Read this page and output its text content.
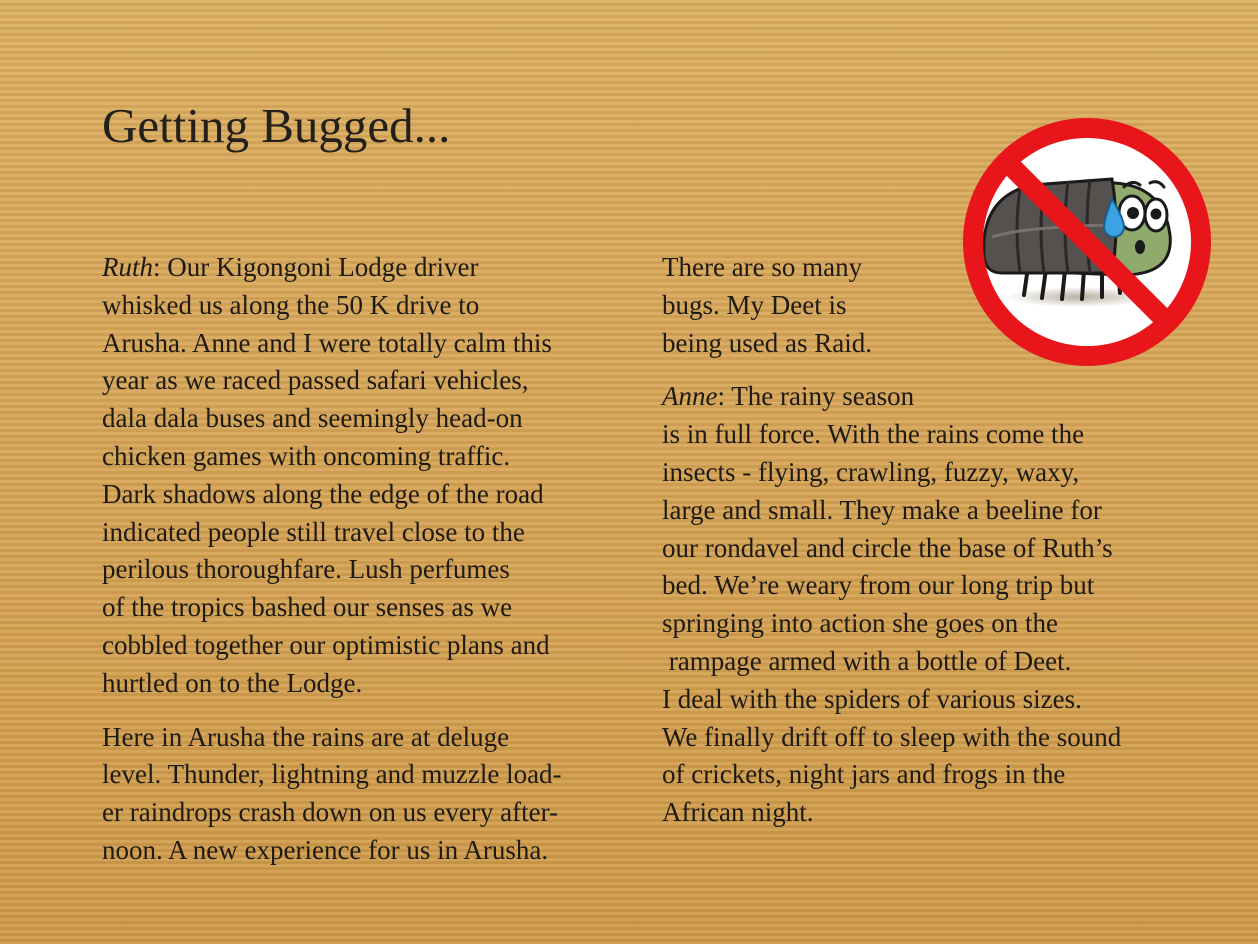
Getting Bugged...

Ruth: Our Kigongoni Lodge driver
whisked us along the 50 K drive to
Arusha. Anne and I were totally calm this
year as we raced passed safari vehicles,
dala dala buses and seemingly head-on
chicken games with oncoming traffic.
Dark shadows along the edge of the road
indicated people still travel close to the
perilous thoroughfare. Lush perfumes
of the tropics bashed our senses as we
cobbled together our optimistic plans and
hurtled on to the Lodge.

Here in Arusha the rains are at deluge
level. Thunder, lightning and muzzle load-
er raindrops crash down on us every after-
noon. A new experience for us in Arusha.

There are so many
bugs. My Deet is
being used as Raid.

Anne: The rainy season
is in full force. With the rains come the
insects - flying, crawling, fuzzy, waxy,
large and small. They make a beeline for
our rondavel and circle the base of Ruth’s
bed. We’re weary from our long trip but
springing into action she goes on the
rampage armed with a bottle of Deet.
I deal with the spiders of various sizes.
We finally drift off to sleep with the sound
of crickets, night jars and frogs in the
African night.
